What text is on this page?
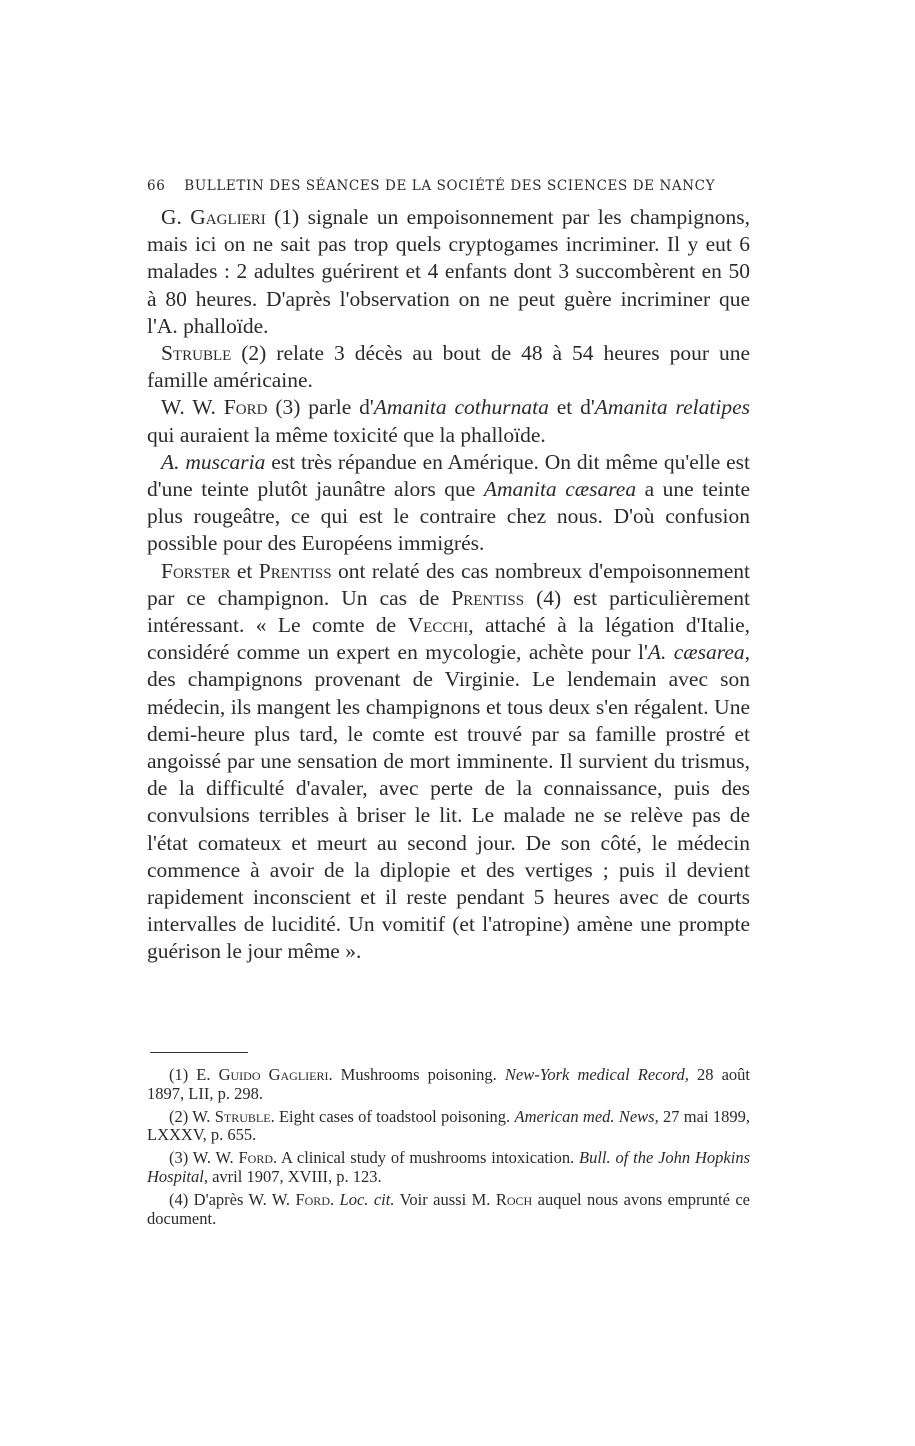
66 BULLETIN DES SÉANCES DE LA SOCIÉTÉ DES SCIENCES DE NANCY

G. Gaglieri (1) signale un empoisonnement par les champignons, mais ici on ne sait pas trop quels cryptogames incriminer. Il y eut 6 malades : 2 adultes guérirent et 4 enfants dont 3 succombèrent en 50 à 80 heures. D'après l'observation on ne peut guère incriminer que l'A. phalloïde.

Struble (2) relate 3 décès au bout de 48 à 54 heures pour une famille américaine.

W. W. Ford (3) parle d'Amanita cothurnata et d'Amanita relatipes qui auraient la même toxicité que la phalloïde.

A. muscaria est très répandue en Amérique. On dit même qu'elle est d'une teinte plutôt jaunâtre alors que Amanita cæsarea a une teinte plus rougeâtre, ce qui est le contraire chez nous. D'où confusion possible pour des Européens immigrés.

Forster et Prentiss ont relaté des cas nombreux d'empoisonnement par ce champignon. Un cas de Prentiss (4) est particulièrement intéressant. « Le comte de Vecchi, attaché à la légation d'Italie, considéré comme un expert en mycologie, achète pour l'A. cæsarea, des champignons provenant de Virginie. Le lendemain avec son médecin, ils mangent les champignons et tous deux s'en régalent. Une demi-heure plus tard, le comte est trouvé par sa famille prostré et angoissé par une sensation de mort imminente. Il survient du trismus, de la difficulté d'avaler, avec perte de la connaissance, puis des convulsions terribles à briser le lit. Le malade ne se relève pas de l'état comateux et meurt au second jour. De son côté, le médecin commence à avoir de la diplopie et des vertiges ; puis il devient rapidement inconscient et il reste pendant 5 heures avec de courts intervalles de lucidité. Un vomitif (et l'atropine) amène une prompte guérison le jour même ».

(1) E. Guido Gaglieri. Mushrooms poisoning. New-York medical Record, 28 août 1897, LII, p. 298.

(2) W. Struble. Eight cases of toadstool poisoning. American med. News, 27 mai 1899, LXXXV, p. 655.

(3) W. W. Ford. A clinical study of mushrooms intoxication. Bull. of the John Hopkins Hospital, avril 1907, XVIII, p. 123.

(4) D'après W. W. Ford. Loc. cit. Voir aussi M. Roch auquel nous avons emprunté ce document.
